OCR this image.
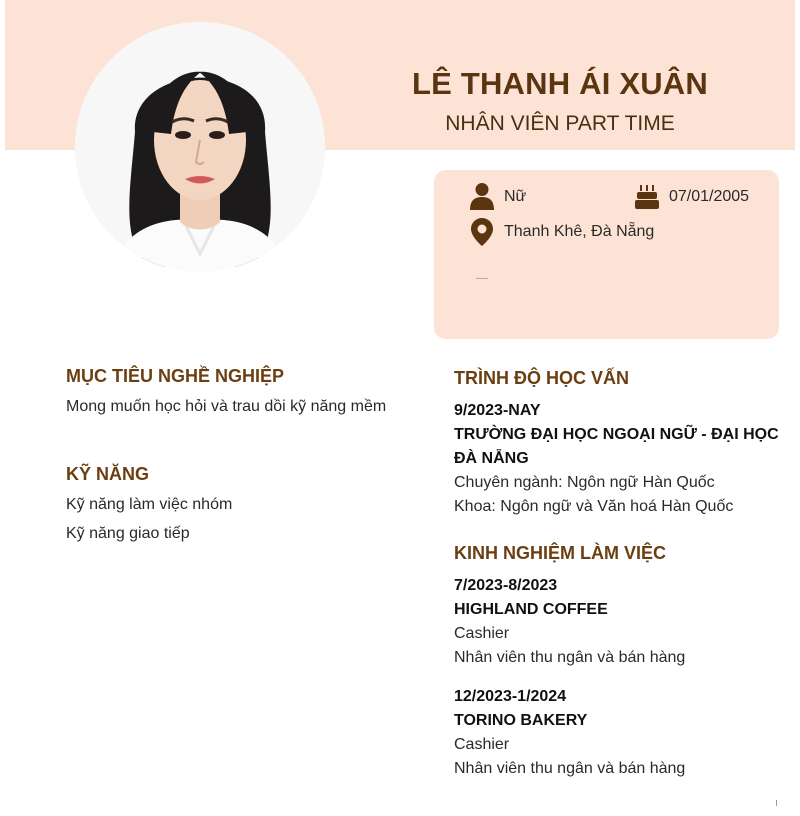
LÊ THANH ÁI XUÂN
NHÂN VIÊN PART TIME
Nữ	07/01/2005
Thanh Khê, Đà Nẵng
MỤC TIÊU NGHỀ NGHIỆP
Mong muốn học hỏi và trau dồi kỹ năng mềm
KỸ NĂNG
Kỹ năng làm việc nhóm
Kỹ năng giao tiếp
TRÌNH ĐỘ HỌC VẤN
9/2023-NAY
TRƯỜNG ĐẠI HỌC NGOẠI NGỮ - ĐẠI HỌC ĐÀ NẴNG
Chuyên ngành: Ngôn ngữ Hàn Quốc
Khoa: Ngôn ngữ và Văn hoá Hàn Quốc
KINH NGHIỆM LÀM VIỆC
7/2023-8/2023
HIGHLAND COFFEE
Cashier
Nhân viên thu ngân và bán hàng
12/2023-1/2024
TORINO BAKERY
Cashier
Nhân viên thu ngân và bán hàng
